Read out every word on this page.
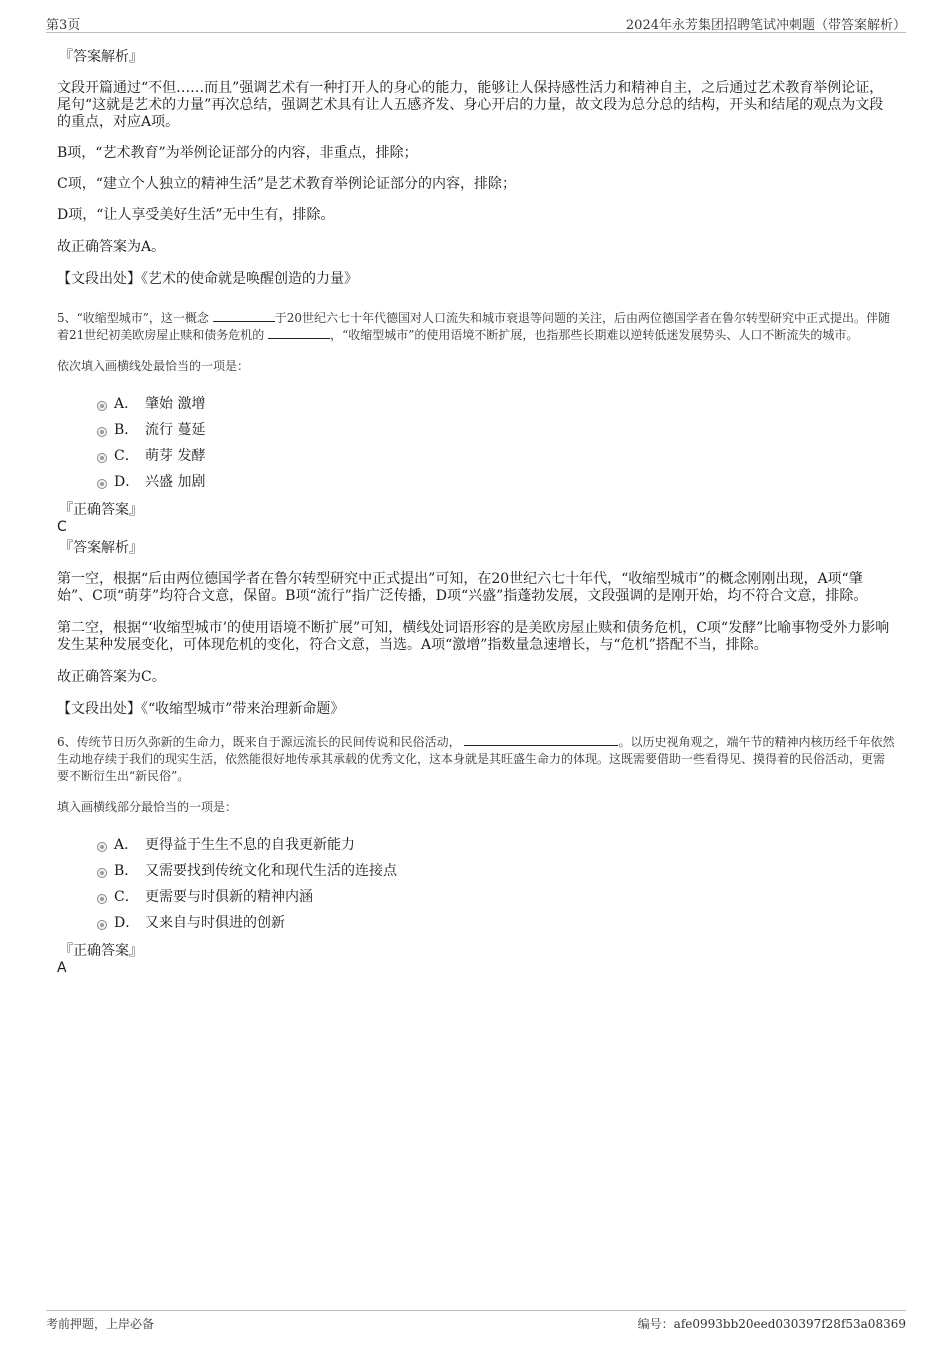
第3页	2024年永芳集团招聘笔试冲刺题（带答案解析）

『答案解析』

文段开篇通过“不但……而且”强调艺术有一种打开人的身心的能力，能够让人保持感性活力和精神自主，之后通过艺术教育举例论证，尾句“这就是艺术的力量”再次总结，强调艺术具有让人五感齐发、身心开启的力量，故文段为总分总的结构，开头和结尾的观点为文段的重点，对应A项。

B项，“艺术教育”为举例论证部分的内容，非重点，排除；

C项，“建立个人独立的精神生活”是艺术教育举例论证部分的内容，排除；

D项，“让人享受美好生活”无中生有，排除。

故正确答案为A。

【文段出处】《艺术的使命就是唤醒创造的力量》

5、“收缩型城市”，这一概念	于20世纪六七十年代德国对人口流失和城市衰退等问题的关注，后由两位德国学者在鲁尔转型研究中正式提出。伴随着21世纪初美欧房屋止赎和债务危机的	，“收缩型城市”的使用语境不断扩展，也指那些长期难以逆转低迷发展势头、人口不断流失的城市。

依次填入画横线处最恰当的一项是：

A． 肇始 激增
B． 流行 蔓延
C． 萌芽 发酵
D． 兴盛 加剧

『正确答案』

C

『答案解析』

第一空，根据“后由两位德国学者在鲁尔转型研究中正式提出”可知，在20世纪六七十年代，“收缩型城市”的概念刚刚出现，A项“肇始”、C项“萌芽”均符合文意，保留。B项“流行”指广泛传播，D项“兴盛”指蓬勃发展，文段强调的是刚开始，均不符合文意，排除。

第二空，根据“‘收缩型城市’的使用语境不断扩展”可知，横线处词语形容的是美欧房屋止赎和债务危机，C项“发酵”比喻事物受外力影响发生某种发展变化，可体现危机的变化，符合文意，当选。A项“激增”指数量急速增长，与“危机”搭配不当，排除。

故正确答案为C。

【文段出处】《“收缩型城市”带来治理新命题》

6、传统节日历久弥新的生命力，既来自于源远流长的民间传说和民俗活动，	。以历史视角观之，端午节的精神内核历经千年依然生动地存续于我们的现实生活，依然能很好地传承其承载的优秀文化，这本身就是其旺盛生命力的体现。这既需要借助一些看得见、摸得着的民俗活动，更需要不断衍生出“新民俗”。

填入画横线部分最恰当的一项是：

A． 更得益于生生不息的自我更新能力
B． 又需要找到传统文化和现代生活的连接点
C． 更需要与时俱新的精神内涵
D． 又来自与时俱进的创新

『正确答案』

A

考前押题，上岸必备	编号：afe0993bb20eed030397f28f53a08369
